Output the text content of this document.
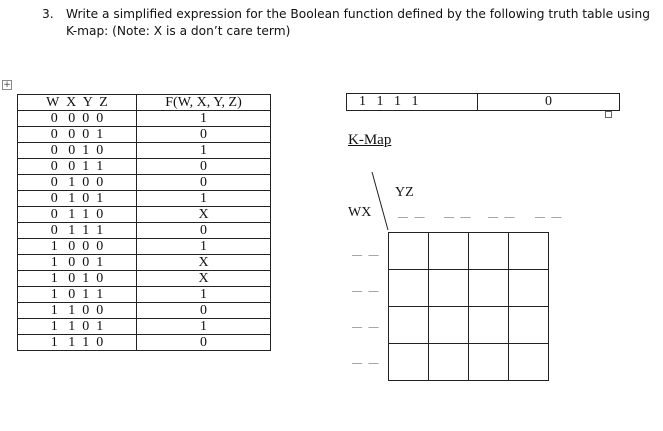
3. Write a simplified expression for the Boolean function defined by the following truth table using
K-map: (Note: X is a don’t care term)
+
W  X  Y  Z	F(W, X, Y, Z)
0   0  0  0	1
0   0  0  1	0
0   0  1  0	1
0   0  1  1	0
0   1  0  0	0
0   1  0  1	1
0   1  1  0	X
0   1  1  1	0
1   0  0  0	1
1   0  0  1	X
1   0  1  0	X
1   0  1  1	1
1   1  0  0	0
1   1  0  1	1
1   1  1  0	0
1   1   1   1	0
K-Map
YZ
WX	— — — — — — — —
— —
— —
— —
— —
